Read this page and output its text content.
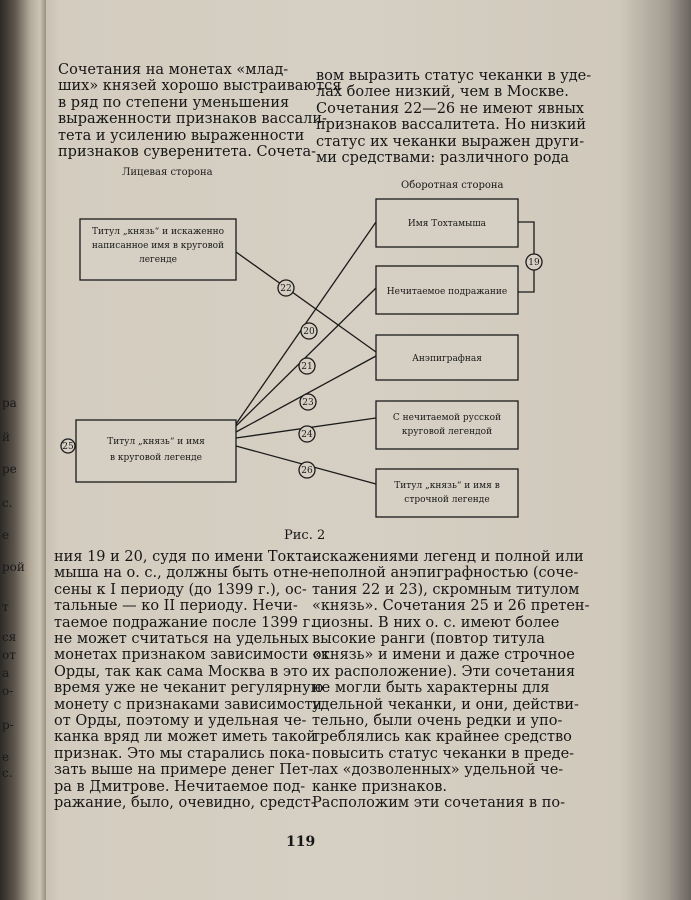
ра
й
ре
с.
е
рой
т
ся
от
а
о-
р-
е
с.
Сочетания на монетах «млад-
ших» князей хорошо выстраиваются
в ряд по степени уменьшения
выраженности признаков вассали-
тета и усилению выраженности
признаков суверенитета. Сочета-
вом выразить статус чеканки в уде-
лах более низкий, чем в Москве.
Сочетания 22—26 не имеют явных
признаков вассалитета. Но низкий
статус их чеканки выражен други-
ми средствами: различного рода
Лицевая сторона
Оборотная сторона
Титул „князь“ и искаженно
написанное имя в круговой
легенде
Титул „князь“ и имя
в круговой легенде
Имя Тохтамыша
Нечитаемое подражание
Анэпиграфная
С нечитаемой русской
круговой легендой
Титул „князь“ и имя в
строчной легенде
22
20
21
23
24
26
19
25
Рис. 2
ния 19 и 20, судя по имени Токта-
мыша на о. с., должны быть отне-
сены к I периоду (до 1399 г.), ос-
тальные — ко II периоду. Нечи-
таемое подражание после 1399 г.
не может считаться на удельных
монетах признаком зависимости от
Орды, так как сама Москва в это
время уже не чеканит регулярную
монету с признаками зависимости
от Орды, поэтому и удельная че-
канка вряд ли может иметь такой
признак. Это мы старались пока-
зать выше на примере денег Пет-
ра в Дмитрове. Нечитаемое под-
ражание, было, очевидно, средст-
искажениями легенд и полной или
неполной анэпиграфностью (соче-
тания 22 и 23), скромным титулом
«князь». Сочетания 25 и 26 претен-
циозны. В них о. с. имеют более
высокие ранги (повтор титула
«князь» и имени и даже строчное
их расположение). Эти сочетания
не могли быть характерны для
удельной чеканки, и они, действи-
тельно, были очень редки и упо-
треблялись как крайнее средство
повысить статус чеканки в преде-
лах «дозволенных» удельной че-
канке признаков.
Расположим эти сочетания в по-
119
